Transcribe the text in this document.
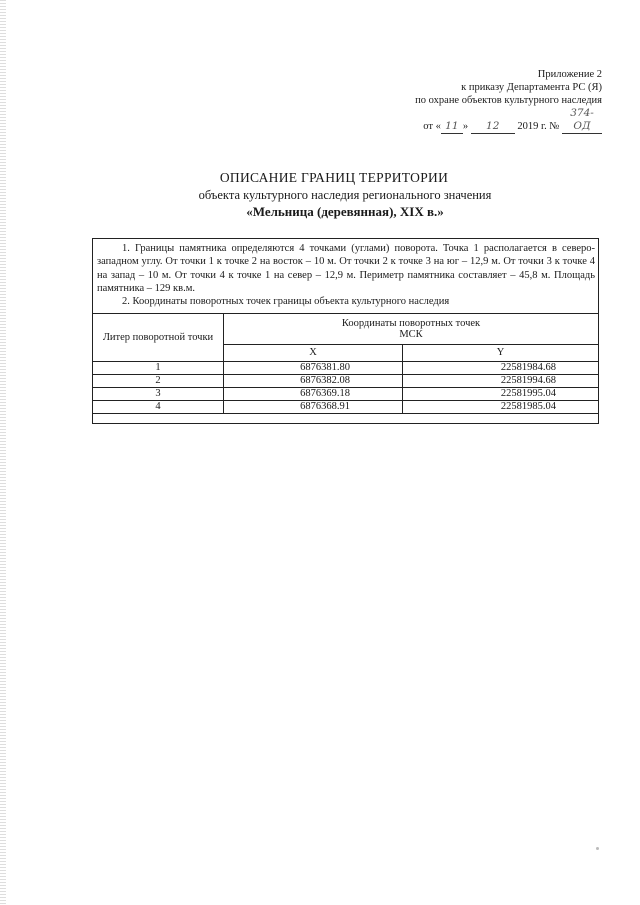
Приложение 2
к приказу Департамента РС (Я)
по охране объектов культурного наследия
от « 11 » 12 2019 г. № 374-ОД
ОПИСАНИЕ ГРАНИЦ ТЕРРИТОРИИ
объекта культурного наследия регионального значения
«Мельница (деревянная), XIX в.»
1. Границы памятника определяются 4 точками (углами) поворота. Точка 1 располагается в северо-западном углу. От точки 1 к точке 2 на восток – 10 м. От точки 2 к точке 3 на юг – 12,9 м. От точки 3 к точке 4 на запад – 10 м. От точки 4 к точке 1 на север – 12,9 м. Периметр памятника составляет – 45,8 м. Площадь памятника – 129 кв.м.
2. Координаты поворотных точек границы объекта культурного наследия
Литер поворотной точки	Координаты поворотных точек
МСК	

	X	Y
1	6876381.80	22581984.68
2	6876382.08	22581994.68
3	6876369.18	22581995.04
4	6876368.91	22581985.04
